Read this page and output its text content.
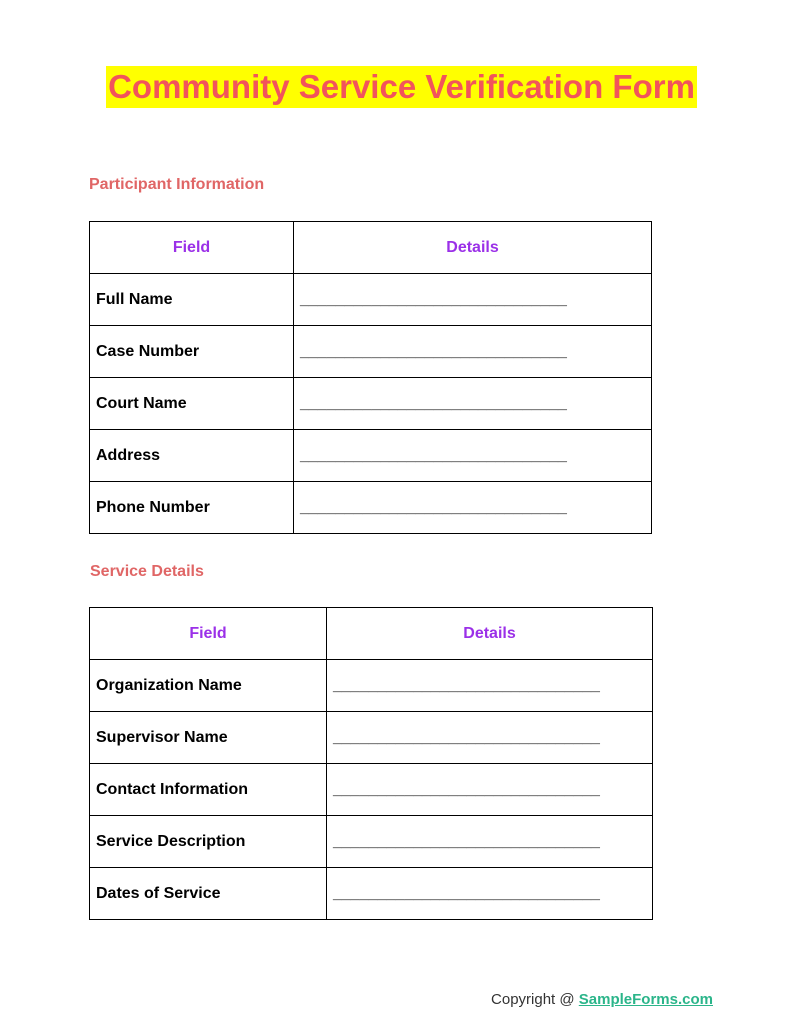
Community Service Verification Form
Participant Information
Field	Details
Full Name	______________________________
Case Number	______________________________
Court Name	______________________________
Address	______________________________
Phone Number	______________________________
Service Details
Field	Details
Organization Name	______________________________
Supervisor Name	______________________________
Contact Information	______________________________
Service Description	______________________________
Dates of Service	______________________________
Copyright @ SampleForms.com
